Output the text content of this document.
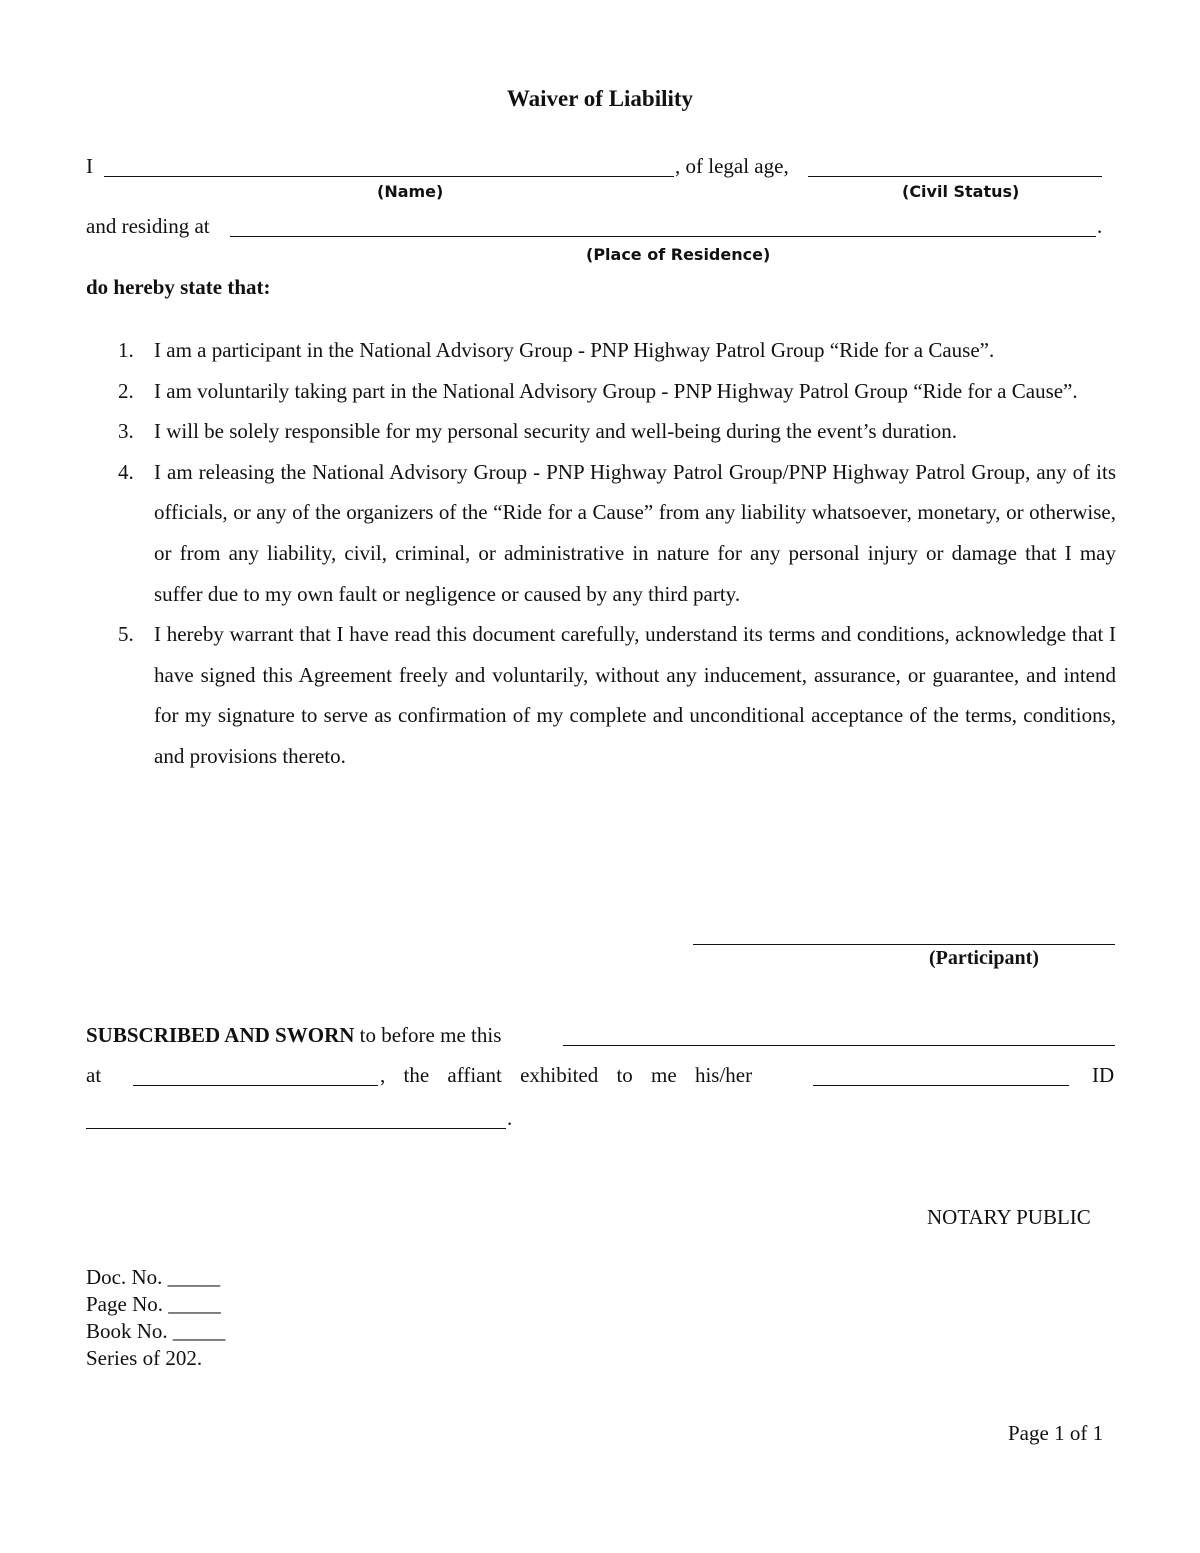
Waiver of Liability
I	, of legal age,
(Name)	(Civil Status)
and residing at	.
(Place of Residence)
do hereby state that:
1. I am a participant in the National Advisory Group - PNP Highway Patrol Group “Ride for a Cause”.
2. I am voluntarily taking part in the National Advisory Group - PNP Highway Patrol Group “Ride for a Cause”.
3. I will be solely responsible for my personal security and well-being during the event’s duration.
4. I am releasing the National Advisory Group - PNP Highway Patrol Group/PNP Highway Patrol Group, any of its officials, or any of the organizers of the “Ride for a Cause” from any liability whatsoever, monetary, or otherwise, or from any liability, civil, criminal, or administrative in nature for any personal injury or damage that I may suffer due to my own fault or negligence or caused by any third party.
5. I hereby warrant that I have read this document carefully, understand its terms and conditions, acknowledge that I have signed this Agreement freely and voluntarily, without any inducement, assurance, or guarantee, and intend for my signature to serve as confirmation of my complete and unconditional acceptance of the terms, conditions, and provisions thereto.
(Participant)
SUBSCRIBED AND SWORN to before me this
at	, the affiant exhibited to me his/her	ID
.
NOTARY PUBLIC
Doc. No. _____
Page No. _____
Book No. _____
Series of 202.
Page 1 of 1
